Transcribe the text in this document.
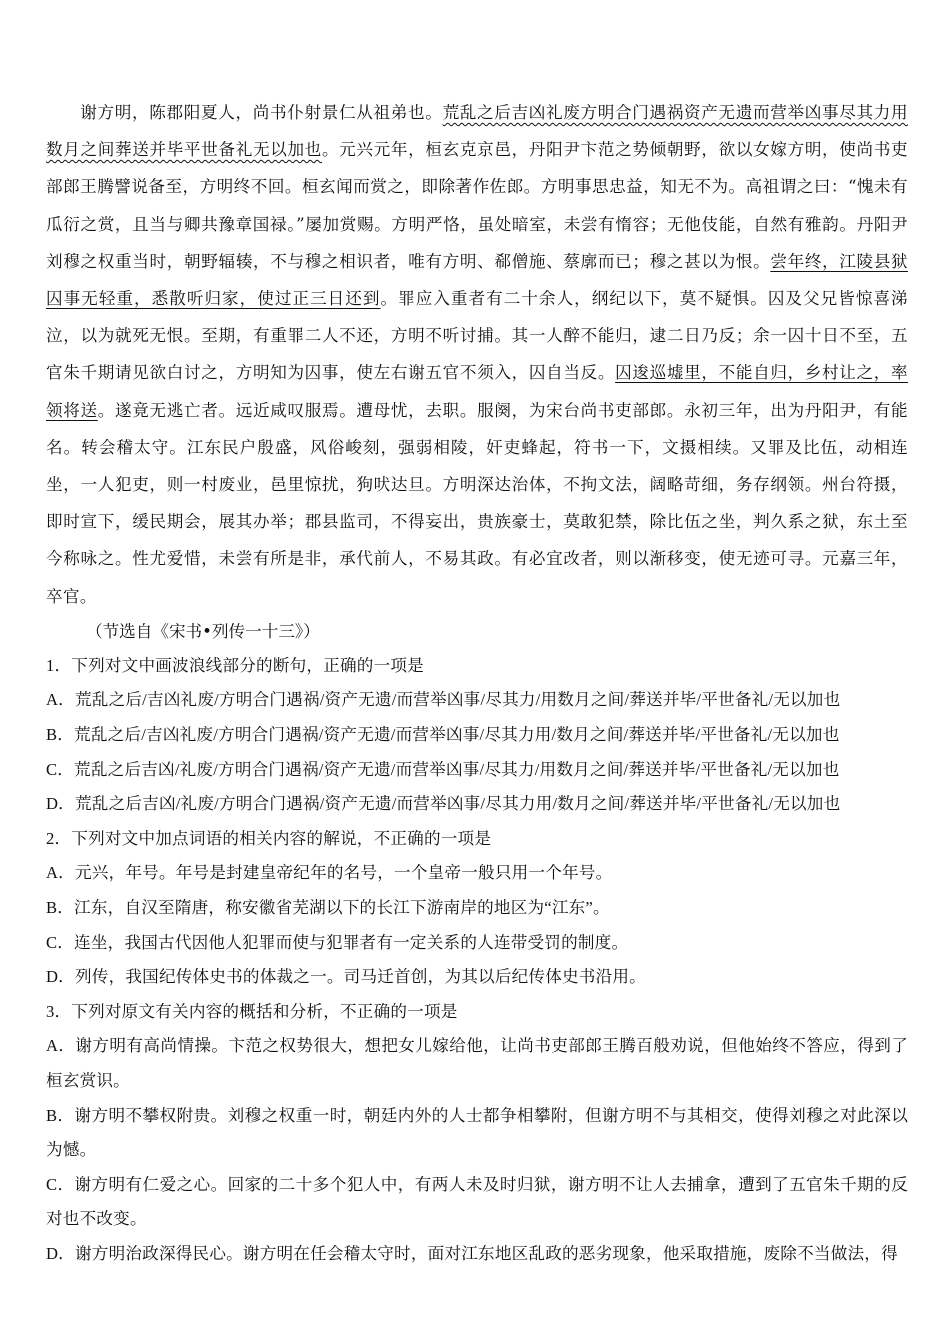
谢方明，陈郡阳夏人，尚书仆射景仁从祖弟也。荒乱之后吉凶礼废方明合门遇祸资产无遗而营举凶事尽其力用数月之间葬送并毕平世备礼无以加也。元兴元年，桓玄克京邑，丹阳尹卞范之势倾朝野，欲以女嫁方明，使尚书吏部郎王腾譬说备至，方明终不回。桓玄闻而赏之，即除著作佐郎。方明事思忠益，知无不为。高祖谓之曰：“愧未有瓜衍之赏，且当与卿共豫章国禄。”屡加赏赐。方明严恪，虽处暗室，未尝有惰容；无他伎能，自然有雅韵。丹阳尹刘穆之权重当时，朝野辐辏，不与穆之相识者，唯有方明、郗僧施、蔡廓而已；穆之甚以为恨。尝年终，江陵县狱囚事无轻重，悉散听归家，使过正三日还到。罪应入重者有二十余人，纲纪以下，莫不疑惧。囚及父兄皆惊喜涕泣，以为就死无恨。至期，有重罪二人不还，方明不听讨捕。其一人醉不能归，逮二日乃反；余一囚十日不至，五官朱千期请见欲白讨之，方明知为囚事，使左右谢五官不须入，囚自当反。囚逡巡墟里，不能自归，乡村让之，率领将送。遂竟无逃亡者。远近咸叹服焉。遭母忧，去职。服阕，为宋台尚书吏部郎。永初三年，出为丹阳尹，有能名。转会稽太守。江东民户殷盛，风俗峻刻，强弱相陵，奸吏蜂起，符书一下，文摄相续。又罪及比伍，动相连坐，一人犯吏，则一村废业，邑里惊扰，狗吠达旦。方明深达治体，不拘文法，阔略苛细，务存纲领。州台符摄，即时宣下，缓民期会，展其办举；郡县监司，不得妄出，贵族豪士，莫敢犯禁，除比伍之坐，判久系之狱，东土至今称咏之。性尤爱惜，未尝有所是非，承代前人，不易其政。有必宜改者，则以渐移变，使无迹可寻。元嘉三年，卒官。

（节选自《宋书•列传一十三》）

1．下列对文中画波浪线部分的断句，正确的一项是

A．荒乱之后/吉凶礼废/方明合门遇祸/资产无遗/而营举凶事/尽其力/用数月之间/葬送并毕/平世备礼/无以加也

B．荒乱之后/吉凶礼废/方明合门遇祸/资产无遗/而营举凶事/尽其力用/数月之间/葬送并毕/平世备礼/无以加也

C．荒乱之后吉凶/礼废/方明合门遇祸/资产无遗/而营举凶事/尽其力/用数月之间/葬送并毕/平世备礼/无以加也

D．荒乱之后吉凶/礼废/方明合门遇祸/资产无遗/而营举凶事/尽其力用/数月之间/葬送并毕/平世备礼/无以加也

2．下列对文中加点词语的相关内容的解说，不正确的一项是

A．元兴，年号。年号是封建皇帝纪年的名号，一个皇帝一般只用一个年号。

B．江东，自汉至隋唐，称安徽省芜湖以下的长江下游南岸的地区为“江东”。

C．连坐，我国古代因他人犯罪而使与犯罪者有一定关系的人连带受罚的制度。

D．列传，我国纪传体史书的体裁之一。司马迁首创，为其以后纪传体史书沿用。

3．下列对原文有关内容的概括和分析，不正确的一项是

A．谢方明有高尚情操。卞范之权势很大，想把女儿嫁给他，让尚书吏部郎王腾百般劝说，但他始终不答应，得到了桓玄赏识。

B．谢方明不攀权附贵。刘穆之权重一时，朝廷内外的人士都争相攀附，但谢方明不与其相交，使得刘穆之对此深以为憾。

C．谢方明有仁爱之心。回家的二十多个犯人中，有两人未及时归狱，谢方明不让人去捕拿，遭到了五官朱千期的反对也不改变。

D．谢方明治政深得民心。谢方明在任会稽太守时，面对江东地区乱政的恶劣现象，他采取措施，废除不当做法，得
